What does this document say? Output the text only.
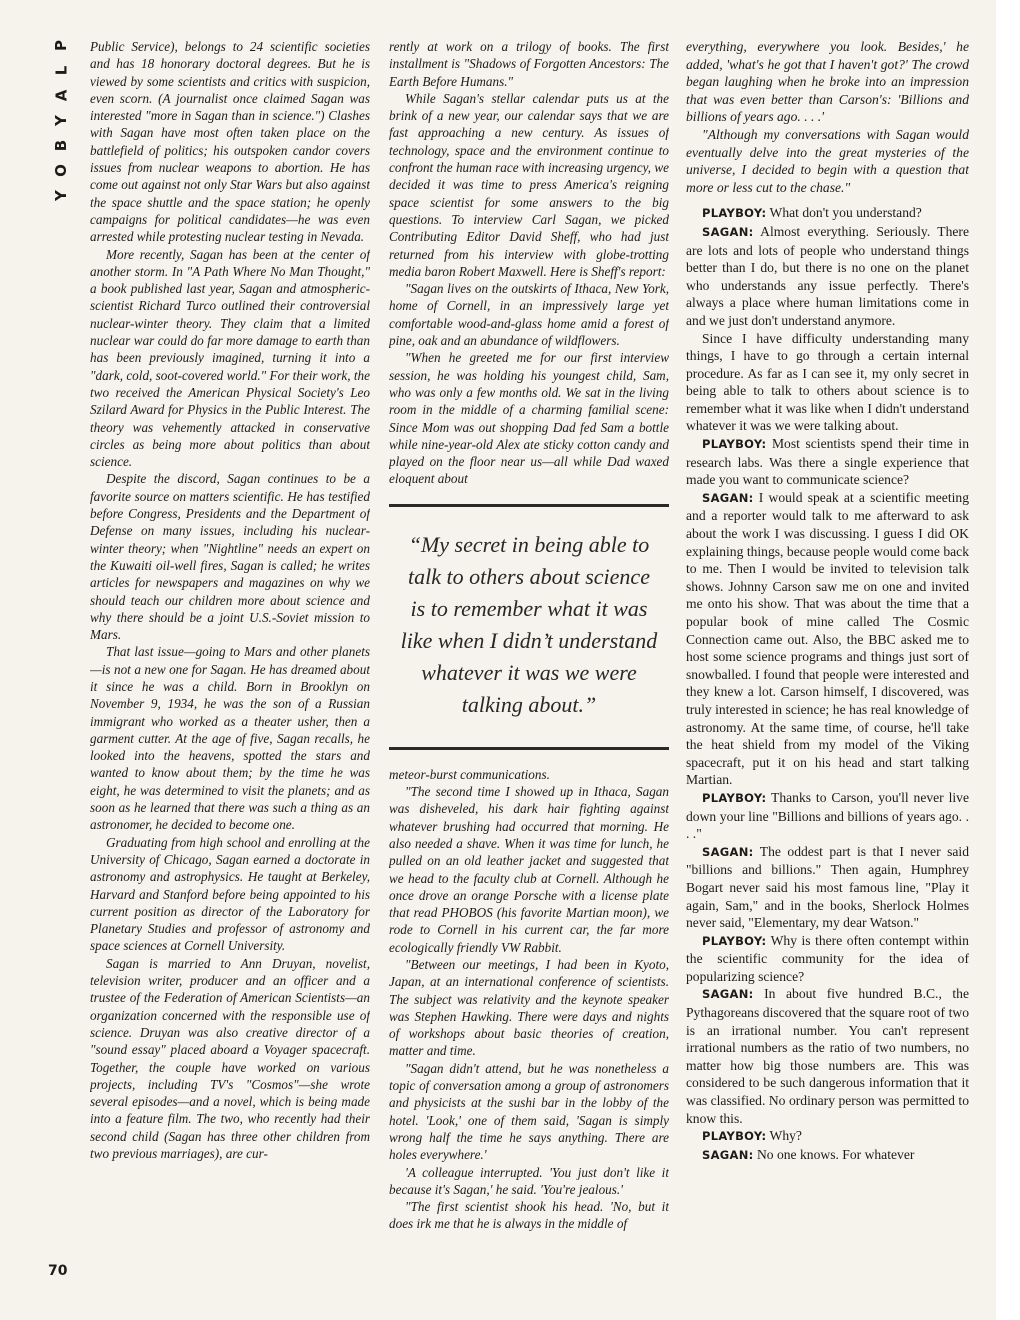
P
L
A
Y
B
O
Y
70

Public Service), belongs to 24 scientific societies and has 18 honorary doctoral degrees. But he is viewed by some scientists and critics with suspicion, even scorn. (A journalist once claimed Sagan was interested "more in Sagan than in science.") Clashes with Sagan have most often taken place on the battlefield of politics; his outspoken candor covers issues from nuclear weapons to abortion. He has come out against not only Star Wars but also against the space shuttle and the space station; he openly campaigns for political candidates—he was even arrested while protesting nuclear testing in Nevada.

More recently, Sagan has been at the center of another storm. In "A Path Where No Man Thought," a book published last year, Sagan and atmospheric-scientist Richard Turco outlined their controversial nuclear-winter theory. They claim that a limited nuclear war could do far more damage to earth than has been previously imagined, turning it into a "dark, cold, soot-covered world." For their work, the two received the American Physical Society's Leo Szilard Award for Physics in the Public Interest. The theory was vehemently attacked in conservative circles as being more about politics than about science.

Despite the discord, Sagan continues to be a favorite source on matters scientific. He has testified before Congress, Presidents and the Department of Defense on many issues, including his nuclear-winter theory; when "Nightline" needs an expert on the Kuwaiti oil-well fires, Sagan is called; he writes articles for newspapers and magazines on why we should teach our children more about science and why there should be a joint U.S.-Soviet mission to Mars.

That last issue—going to Mars and other planets—is not a new one for Sagan. He has dreamed about it since he was a child. Born in Brooklyn on November 9, 1934, he was the son of a Russian immigrant who worked as a theater usher, then a garment cutter. At the age of five, Sagan recalls, he looked into the heavens, spotted the stars and wanted to know about them; by the time he was eight, he was determined to visit the planets; and as soon as he learned that there was such a thing as an astronomer, he decided to become one.

Graduating from high school and enrolling at the University of Chicago, Sagan earned a doctorate in astronomy and astrophysics. He taught at Berkeley, Harvard and Stanford before being appointed to his current position as director of the Laboratory for Planetary Studies and professor of astronomy and space sciences at Cornell University.

Sagan is married to Ann Druyan, novelist, television writer, producer and an officer and a trustee of the Federation of American Scientists—an organization concerned with the responsible use of science. Druyan was also creative director of a "sound essay" placed aboard a Voyager spacecraft. Together, the couple have worked on various projects, including TV's "Cosmos"—she wrote several episodes—and a novel, which is being made into a feature film. The two, who recently had their second child (Sagan has three other children from two previous marriages), are cur-

rently at work on a trilogy of books. The first installment is "Shadows of Forgotten Ancestors: The Earth Before Humans."

While Sagan's stellar calendar puts us at the brink of a new year, our calendar says that we are fast approaching a new century. As issues of technology, space and the environment continue to confront the human race with increasing urgency, we decided it was time to press America's reigning space scientist for some answers to the big questions. To interview Carl Sagan, we picked Contributing Editor David Sheff, who had just returned from his interview with globe-trotting media baron Robert Maxwell. Here is Sheff's report:

"Sagan lives on the outskirts of Ithaca, New York, home of Cornell, in an impressively large yet comfortable wood-and-glass home amid a forest of pine, oak and an abundance of wildflowers.

"When he greeted me for our first interview session, he was holding his youngest child, Sam, who was only a few months old. We sat in the living room in the middle of a charming familial scene: Since Mom was out shopping Dad fed Sam a bottle while nine-year-old Alex ate sticky cotton candy and played on the floor near us—all while Dad waxed eloquent about

“My secret in being able to talk to others about science is to remember what it was like when I didn’t understand whatever it was we were talking about.”

meteor-burst communications.

"The second time I showed up in Ithaca, Sagan was disheveled, his dark hair fighting against whatever brushing had occurred that morning. He also needed a shave. When it was time for lunch, he pulled on an old leather jacket and suggested that we head to the faculty club at Cornell. Although he once drove an orange Porsche with a license plate that read PHOBOS (his favorite Martian moon), we rode to Cornell in his current car, the far more ecologically friendly VW Rabbit.

"Between our meetings, I had been in Kyoto, Japan, at an international conference of scientists. The subject was relativity and the keynote speaker was Stephen Hawking. There were days and nights of workshops about basic theories of creation, matter and time.

"Sagan didn't attend, but he was nonetheless a topic of conversation among a group of astronomers and physicists at the sushi bar in the lobby of the hotel. 'Look,' one of them said, 'Sagan is simply wrong half the time he says anything. There are holes everywhere.'

'A colleague interrupted. 'You just don't like it because it's Sagan,' he said. 'You're jealous.'

"The first scientist shook his head. 'No, but it does irk me that he is always in the middle of

everything, everywhere you look. Besides,' he added, 'what's he got that I haven't got?' The crowd began laughing when he broke into an impression that was even better than Carson's: 'Billions and billions of years ago. . . .'

"Although my conversations with Sagan would eventually delve into the great mysteries of the universe, I decided to begin with a question that more or less cut to the chase."

PLAYBOY: What don't you understand?

SAGAN: Almost everything. Seriously. There are lots and lots of people who understand things better than I do, but there is no one on the planet who understands any issue perfectly. There's always a place where human limitations come in and we just don't understand anymore.

Since I have difficulty understanding many things, I have to go through a certain internal procedure. As far as I can see it, my only secret in being able to talk to others about science is to remember what it was like when I didn't understand whatever it was we were talking about.

PLAYBOY: Most scientists spend their time in research labs. Was there a single experience that made you want to communicate science?

SAGAN: I would speak at a scientific meeting and a reporter would talk to me afterward to ask about the work I was discussing. I guess I did OK explaining things, because people would come back to me. Then I would be invited to television talk shows. Johnny Carson saw me on one and invited me onto his show. That was about the time that a popular book of mine called The Cosmic Connection came out. Also, the BBC asked me to host some science programs and things just sort of snowballed. I found that people were interested and they knew a lot. Carson himself, I discovered, was truly interested in science; he has real knowledge of astronomy. At the same time, of course, he'll take the heat shield from my model of the Viking spacecraft, put it on his head and start talking Martian.

PLAYBOY: Thanks to Carson, you'll never live down your line "Billions and billions of years ago. . . ."

SAGAN: The oddest part is that I never said "billions and billions." Then again, Humphrey Bogart never said his most famous line, "Play it again, Sam," and in the books, Sherlock Holmes never said, "Elementary, my dear Watson."

PLAYBOY: Why is there often contempt within the scientific community for the idea of popularizing science?

SAGAN: In about five hundred B.C., the Pythagoreans discovered that the square root of two is an irrational number. You can't represent irrational numbers as the ratio of two numbers, no matter how big those numbers are. This was considered to be such dangerous information that it was classified. No ordinary person was permitted to know this.

PLAYBOY: Why?

SAGAN: No one knows. For whatever
